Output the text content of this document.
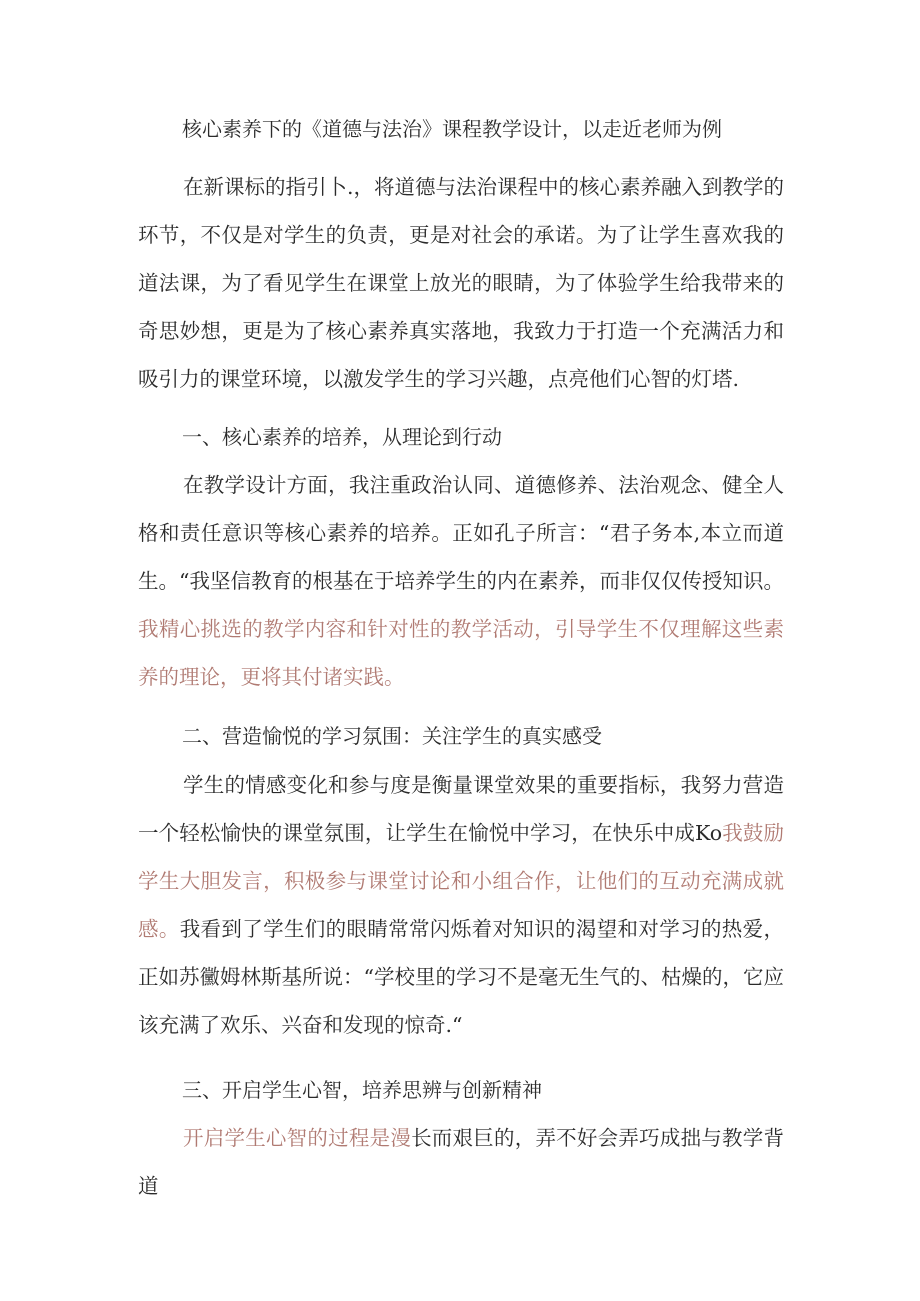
核心素养下的《道德与法治》课程教学设计，以走近老师为例

在新课标的指引卜.，将道德与法治课程中的核心素养融入到教学的环节，不仅是对学生的负责，更是对社会的承诺。为了让学生喜欢我的道法课，为了看见学生在课堂上放光的眼睛，为了体验学生给我带来的奇思妙想，更是为了核心素养真实落地，我致力于打造一个充满活力和吸引力的课堂环境，以激发学生的学习兴趣，点亮他们心智的灯塔.

一、核心素养的培养，从理论到行动

在教学设计方面，我注重政治认同、道德修养、法治观念、健全人格和责任意识等核心素养的培养。正如孔子所言：“君子务本,本立而道生。“我坚信教育的根基在于培养学生的内在素养，而非仅仅传授知识。我精心挑选的教学内容和针对性的教学活动，引导学生不仅理解这些素养的理论，更将其付诸实践。

二、营造愉悦的学习氛围：关注学生的真实感受

学生的情感变化和参与度是衡量课堂效果的重要指标，我努力营造一个轻松愉快的课堂氛围，让学生在愉悦中学习，在快乐中成Ko我鼓励学生大胆发言，积极参与课堂讨论和小组合作，让他们的互动充满成就感。我看到了学生们的眼睛常常闪烁着对知识的渴望和对学习的热爱，正如苏黴姆林斯基所说：“学校里的学习不是毫无生气的、枯燥的，它应该充满了欢乐、兴奋和发现的惊奇.“

三、开启学生心智，培养思辨与创新精神

开启学生心智的过程是漫长而艰巨的，弄不好会弄巧成拙与教学背道
